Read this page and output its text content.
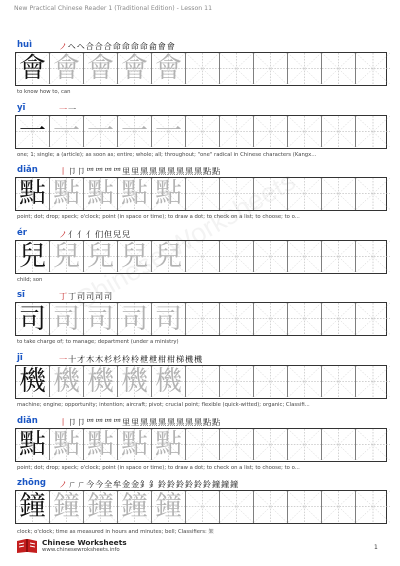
New Practical Chinese Reader 1 (Traditional Edition) - Lesson 11
huì	ノヘヘ合合合命命命命侖會會
會 會 會 會 會
to know how to, can
yī	一一
一 一 一 一 一
one; 1; single; a (article); as soon as; entire; whole; all; throughout; "one" radical in Chinese characters (Kangx...
diǎn	丨卩卩罒罒罒罒里里黑黑黑黑黑黑黑點點
點 點 點 點 點
point; dot; drop; speck; o'clock; point (in space or time); to draw a dot; to check on a list; to choose; to o...
ér	ノ亻亻亻们但兒兒
兒 兒 兒 兒 兒
child; son
sī	丁丁司司司司
司 司 司 司 司
to take charge of; to manage; department (under a ministry)
jī	一十才木木杉杉柃柃枻枻柑柑梯機機
機 機 機 機 機
machine; engine; opportunity; intention; aircraft; pivot; crucial point; flexible (quick-witted); organic; Classifi...
diǎn	丨卩卩罒罒罒罒里里黑黑黑黑黑黑黑點點
點 點 點 點 點
point; dot; drop; speck; o'clock; point (in space or time); to draw a dot; to check on a list; to choose; to o...
zhōng ノㄏㄏ今今全牟金金釒釒鈴鈴鈴鈴鈴鈴鐘鐘鐘
鐘 鐘 鐘 鐘 鐘
clock; o'clock; time as measured in hours and minutes; bell; Classifiers: 架
Chinese Worksheets
www.chinesewroksheets.info	1
